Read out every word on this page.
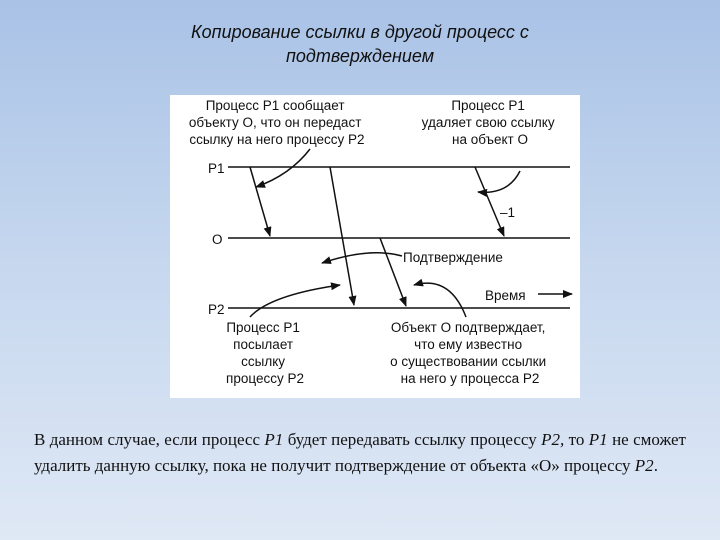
Копирование ссылки в другой процесс с
подтверждением
P1
O
P2
Процесс P1 сообщает объекту O, что он передаст ссылку на него процессу P2
Процесс P1 удаляет свою ссылку на объект O
–1
Подтверждение
Время
Процесс P1 посылает ссылку процессу P2
Объект O подтверждает, что ему известно о существовании ссылки на него у процесса P2
В данном случае, если процесс P1 будет передавать ссылку процессу P2, то P1 не сможет удалить данную ссылку, пока не получит подтверждение от объекта «О» процессу P2.
